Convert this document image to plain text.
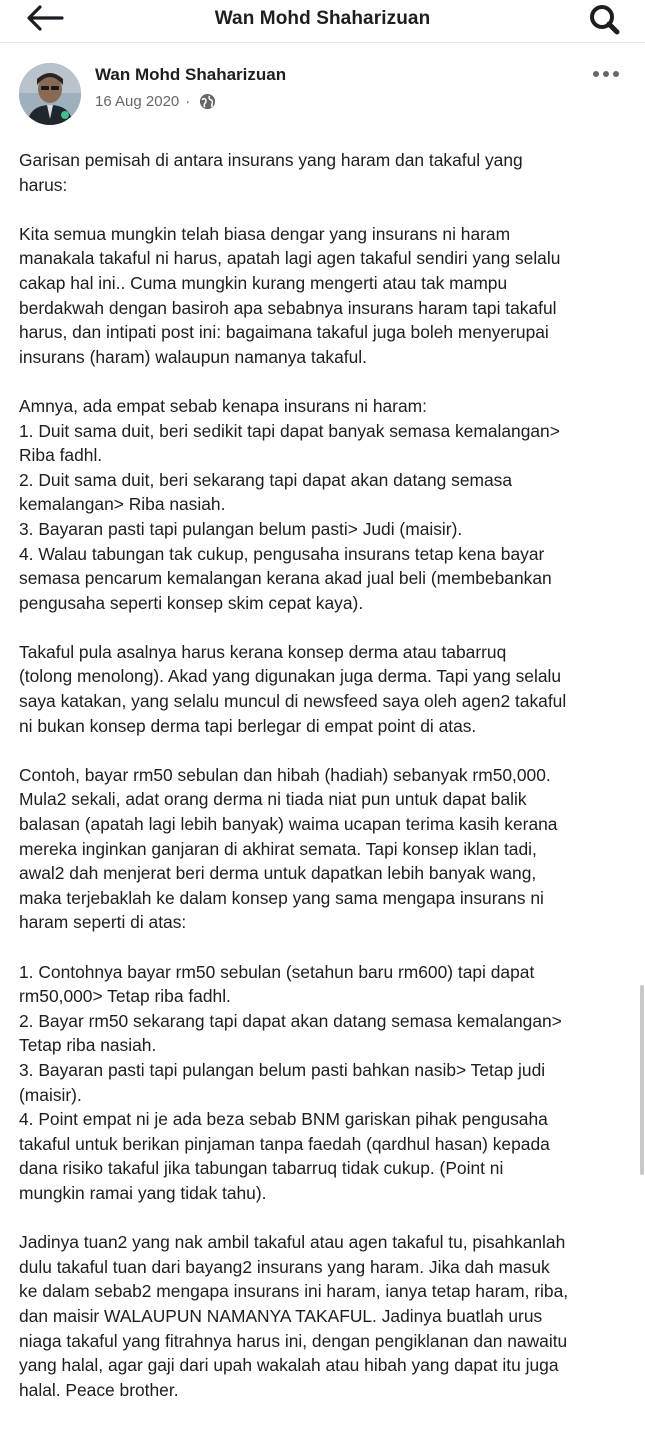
Wan Mohd Shaharizuan
Wan Mohd Shaharizuan
16 Aug 2020 ·

Garisan pemisah di antara insurans yang haram dan takaful yang
harus:

Kita semua mungkin telah biasa dengar yang insurans ni haram
manakala takaful ni harus, apatah lagi agen takaful sendiri yang selalu
cakap hal ini.. Cuma mungkin kurang mengerti atau tak mampu
berdakwah dengan basiroh apa sebabnya insurans haram tapi takaful
harus, dan intipati post ini: bagaimana takaful juga boleh menyerupai
insurans (haram) walaupun namanya takaful.

Amnya, ada empat sebab kenapa insurans ni haram:
1. Duit sama duit, beri sedikit tapi dapat banyak semasa kemalangan>
Riba fadhl.
2. Duit sama duit, beri sekarang tapi dapat akan datang semasa
kemalangan> Riba nasiah.
3. Bayaran pasti tapi pulangan belum pasti> Judi (maisir).
4. Walau tabungan tak cukup, pengusaha insurans tetap kena bayar
semasa pencarum kemalangan kerana akad jual beli (membebankan
pengusaha seperti konsep skim cepat kaya).

Takaful pula asalnya harus kerana konsep derma atau tabarruq
(tolong menolong). Akad yang digunakan juga derma. Tapi yang selalu
saya katakan, yang selalu muncul di newsfeed saya oleh agen2 takaful
ni bukan konsep derma tapi berlegar di empat point di atas.

Contoh, bayar rm50 sebulan dan hibah (hadiah) sebanyak rm50,000.
Mula2 sekali, adat orang derma ni tiada niat pun untuk dapat balik
balasan (apatah lagi lebih banyak) waima ucapan terima kasih kerana
mereka inginkan ganjaran di akhirat semata. Tapi konsep iklan tadi,
awal2 dah menjerat beri derma untuk dapatkan lebih banyak wang,
maka terjebaklah ke dalam konsep yang sama mengapa insurans ni
haram seperti di atas:

1. Contohnya bayar rm50 sebulan (setahun baru rm600) tapi dapat
rm50,000> Tetap riba fadhl.
2. Bayar rm50 sekarang tapi dapat akan datang semasa kemalangan>
Tetap riba nasiah.
3. Bayaran pasti tapi pulangan belum pasti bahkan nasib> Tetap judi
(maisir).
4. Point empat ni je ada beza sebab BNM gariskan pihak pengusaha
takaful untuk berikan pinjaman tanpa faedah (qardhul hasan) kepada
dana risiko takaful jika tabungan tabarruq tidak cukup. (Point ni
mungkin ramai yang tidak tahu).

Jadinya tuan2 yang nak ambil takaful atau agen takaful tu, pisahkanlah
dulu takaful tuan dari bayang2 insurans yang haram. Jika dah masuk
ke dalam sebab2 mengapa insurans ini haram, ianya tetap haram, riba,
dan maisir WALAUPUN NAMANYA TAKAFUL. Jadinya buatlah urus
niaga takaful yang fitrahnya harus ini, dengan pengiklanan dan nawaitu
yang halal, agar gaji dari upah wakalah atau hibah yang dapat itu juga
halal. Peace brother.
